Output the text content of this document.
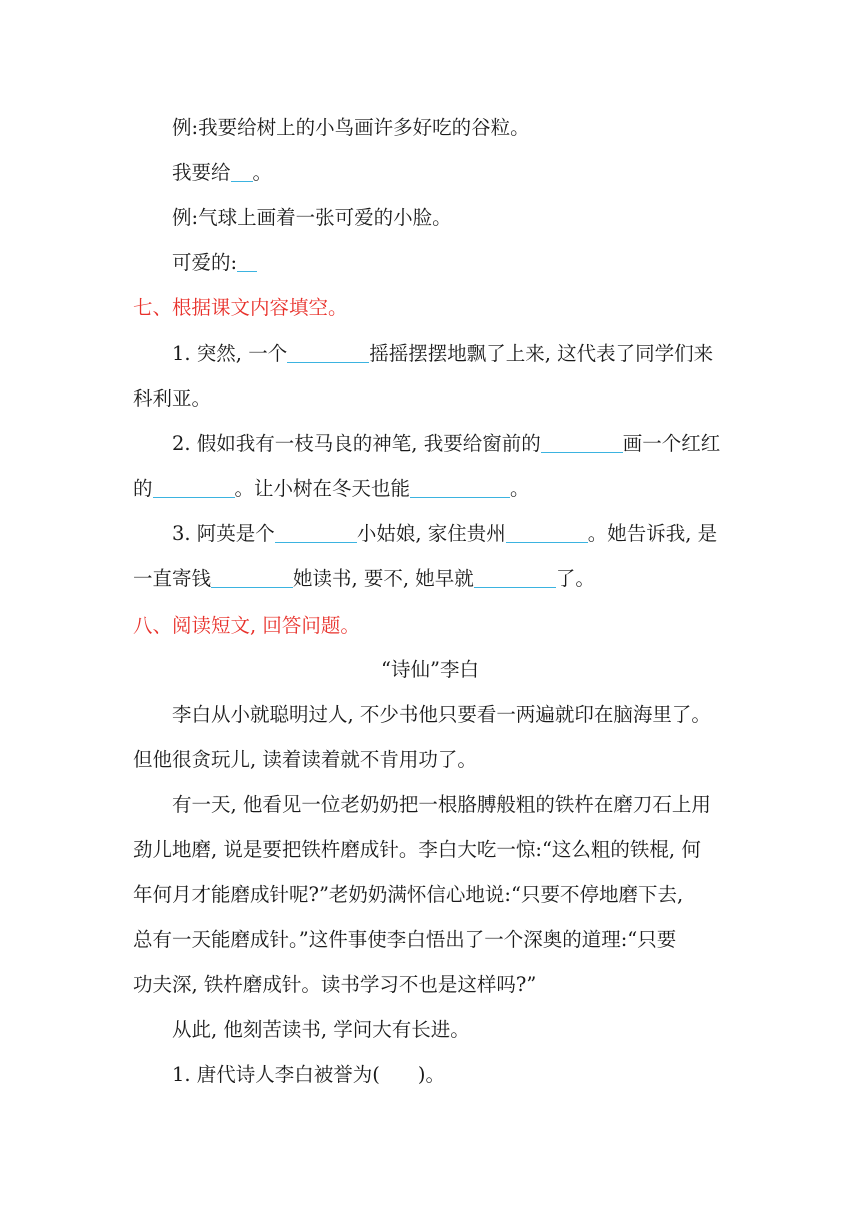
例:我要给树上的小鸟画许多好吃的谷粒。
我要给 。
例:气球上画着一张可爱的小脸。
可爱的:
七、根据课文内容填空。
1. 突然, 一个	摇摇摆摆地飘了上来, 这代表了同学们来
科利亚。
2. 假如我有一枝马良的神笔, 我要给窗前的	画一个红红
的	。让小树在冬天也能	。
3. 阿英是个	小姑娘, 家住贵州	。她告诉我, 是
一直寄钱	她读书, 要不, 她早就	了。
八、阅读短文, 回答问题。
“诗仙”李白
李白从小就聪明过人, 不少书他只要看一两遍就印在脑海里了。
但他很贪玩儿, 读着读着就不肯用功了。
有一天, 他看见一位老奶奶把一根胳膊般粗的铁杵在磨刀石上用
劲儿地磨, 说是要把铁杵磨成针。李白大吃一惊:“这么粗的铁棍, 何
年何月才能磨成针呢?”老奶奶满怀信心地说:“只要不停地磨下去,
总有一天能磨成针。”这件事使李白悟出了一个深奥的道理:“只要
功夫深, 铁杵磨成针。读书学习不也是这样吗?”
从此, 他刻苦读书, 学问大有长进。
1. 唐代诗人李白被誉为( )。
